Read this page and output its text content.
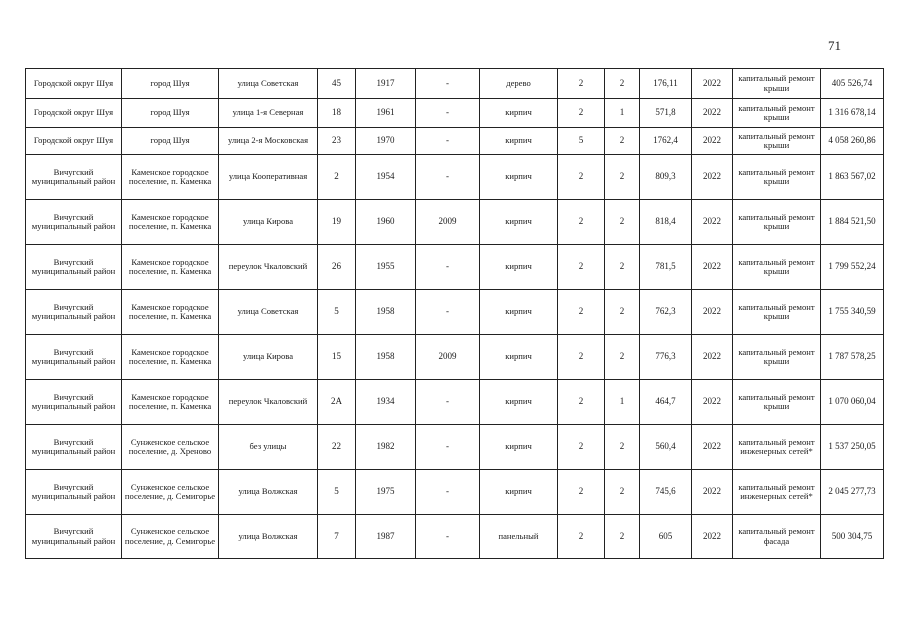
71
Городской округ Шуя	город Шуя	улица Советская	45	1917	-	дерево	2	2	176,11	2022	капитальный ремонт крыши	405 526,74
Городской округ Шуя	город Шуя	улица 1-я Северная	18	1961	-	кирпич	2	1	571,8	2022	капитальный ремонт крыши	1 316 678,14
Городской округ Шуя	город Шуя	улица 2-я Московская	23	1970	-	кирпич	5	2	1762,4	2022	капитальный ремонт крыши	4 058 260,86
Вичугский муниципальный район	Каменское городское поселение, п. Каменка	улица Кооперативная	2	1954	-	кирпич	2	2	809,3	2022	капитальный ремонт крыши	1 863 567,02
Вичугский муниципальный район	Каменское городское поселение, п. Каменка	улица Кирова	19	1960	2009	кирпич	2	2	818,4	2022	капитальный ремонт крыши	1 884 521,50
Вичугский муниципальный район	Каменское городское поселение, п. Каменка	переулок Чкаловский	26	1955	-	кирпич	2	2	781,5	2022	капитальный ремонт крыши	1 799 552,24
Вичугский муниципальный район	Каменское городское поселение, п. Каменка	улица Советская	5	1958	-	кирпич	2	2	762,3	2022	капитальный ремонт крыши	1 755 340,59
Вичугский муниципальный район	Каменское городское поселение, п. Каменка	улица Кирова	15	1958	2009	кирпич	2	2	776,3	2022	капитальный ремонт крыши	1 787 578,25
Вичугский муниципальный район	Каменское городское поселение, п. Каменка	переулок Чкаловский	2А	1934	-	кирпич	2	1	464,7	2022	капитальный ремонт крыши	1 070 060,04
Вичугский муниципальный район	Сунженское сельское поселение, д. Хреново	без улицы	22	1982	-	кирпич	2	2	560,4	2022	капитальный ремонт инженерных сетей*	1 537 250,05
Вичугский муниципальный район	Сунженское сельское поселение, д. Семигорье	улица Волжская	5	1975	-	кирпич	2	2	745,6	2022	капитальный ремонт инженерных сетей*	2 045 277,73
Вичугский муниципальный район	Сунженское сельское поселение, д. Семигорье	улица Волжская	7	1987	-	панельный	2	2	605	2022	капитальный ремонт фасада	500 304,75
